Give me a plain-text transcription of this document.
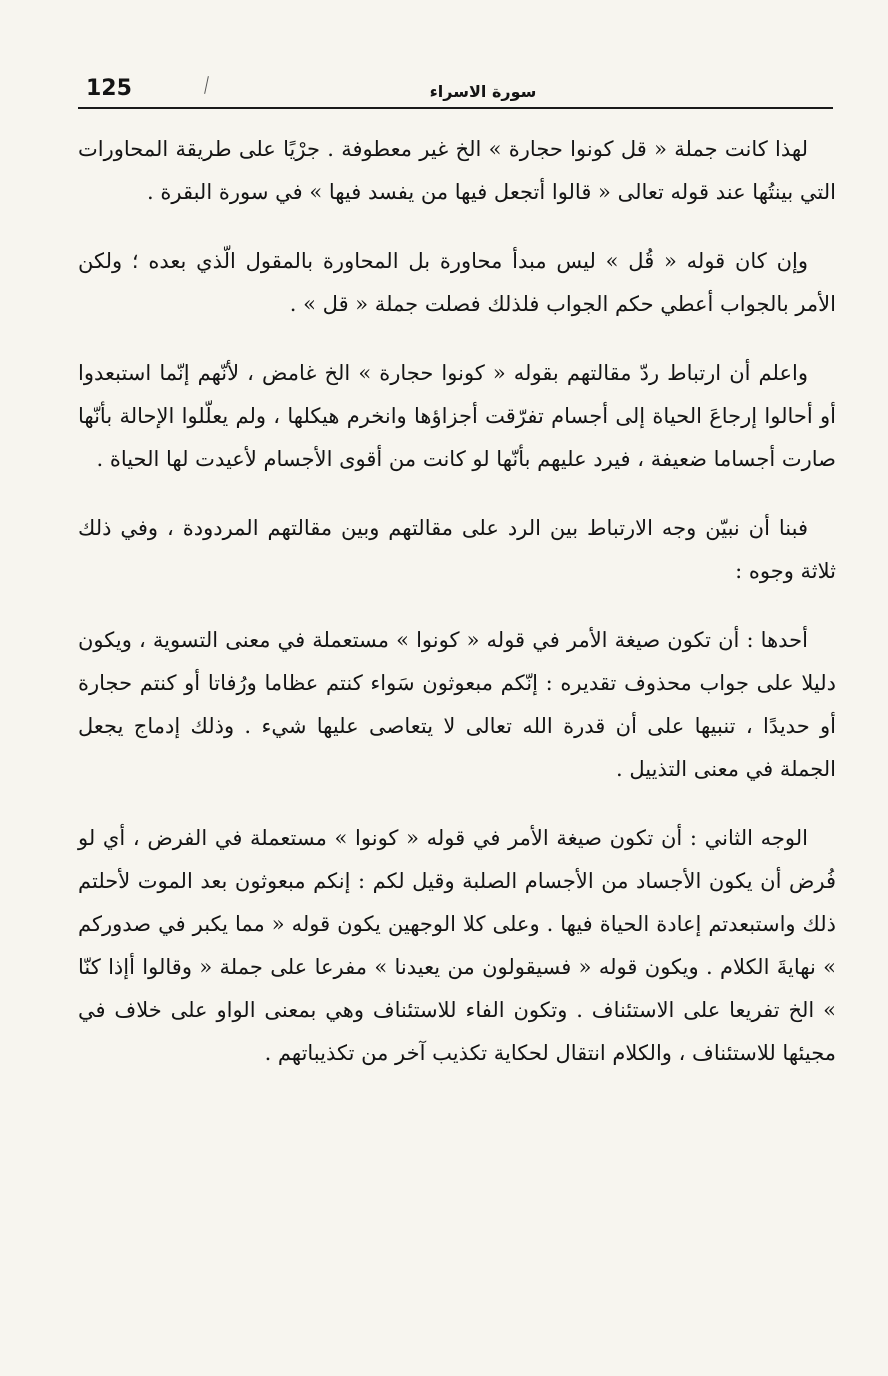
125	سورة الاسراء

لهذا كانت جملة « قل كونوا حجارة » الخ غير معطوفة . جرْيًا على طريقة المحاورات التي بينتُها عند قوله تعالى « قالوا أتجعل فيها من يفسد فيها » في سورة البقرة .

وإن كان قوله « قُل » ليس مبدأ محاورة بل المحاورة بالمقول الّذي بعده ؛ ولكن الأمر بالجواب أعطي حكم الجواب فلذلك فصلت جملة « قل » .

واعلم أن ارتباط ردّ مقالتهم بقوله « كونوا حجارة » الخ غامض ، لأنّهم إنّما استبعدوا أو أحالوا إرجاعَ الحياة إلى أجسام تفرّقت أجزاؤها وانخرم هيكلها ، ولم يعلّلوا الإحالة بأنّها صارت أجساما ضعيفة ، فيرد عليهم بأنّها لو كانت من أقوى الأجسام لأعيدت لها الحياة .

فبنا أن نبيّن وجه الارتباط بين الرد على مقالتهم وبين مقالتهم المردودة ، وفي ذلك ثلاثة وجوه :

أحدها : أن تكون صيغة الأمر في قوله « كونوا » مستعملة في معنى التسوية ، ويكون دليلا على جواب محذوف تقديره : إنّكم مبعوثون سَواء كنتم عظاما ورُفاتا أو كنتم حجارة أو حديدًا ، تنبيها على أن قدرة الله تعالى لا يتعاصى عليها شيء . وذلك إدماج يجعل الجملة في معنى التذييل .

الوجه الثاني : أن تكون صيغة الأمر في قوله « كونوا » مستعملة في الفرض ، أي لو فُرض أن يكون الأجساد من الأجسام الصلبة وقيل لكم : إنكم مبعوثون بعد الموت لأحلتم ذلك واستبعدتم إعادة الحياة فيها . وعلى كلا الوجهين يكون قوله « مما يكبر في صدوركم » نهايةَ الكلام . ويكون قوله « فسيقولون من يعيدنا » مفرعا على جملة « وقالوا أإذا كنّا » الخ تفريعا على الاستئناف . وتكون الفاء للاستئناف وهي بمعنى الواو على خلاف في مجيئها للاستئناف ، والكلام انتقال لحكاية تكذيب آخر من تكذيباتهم .
